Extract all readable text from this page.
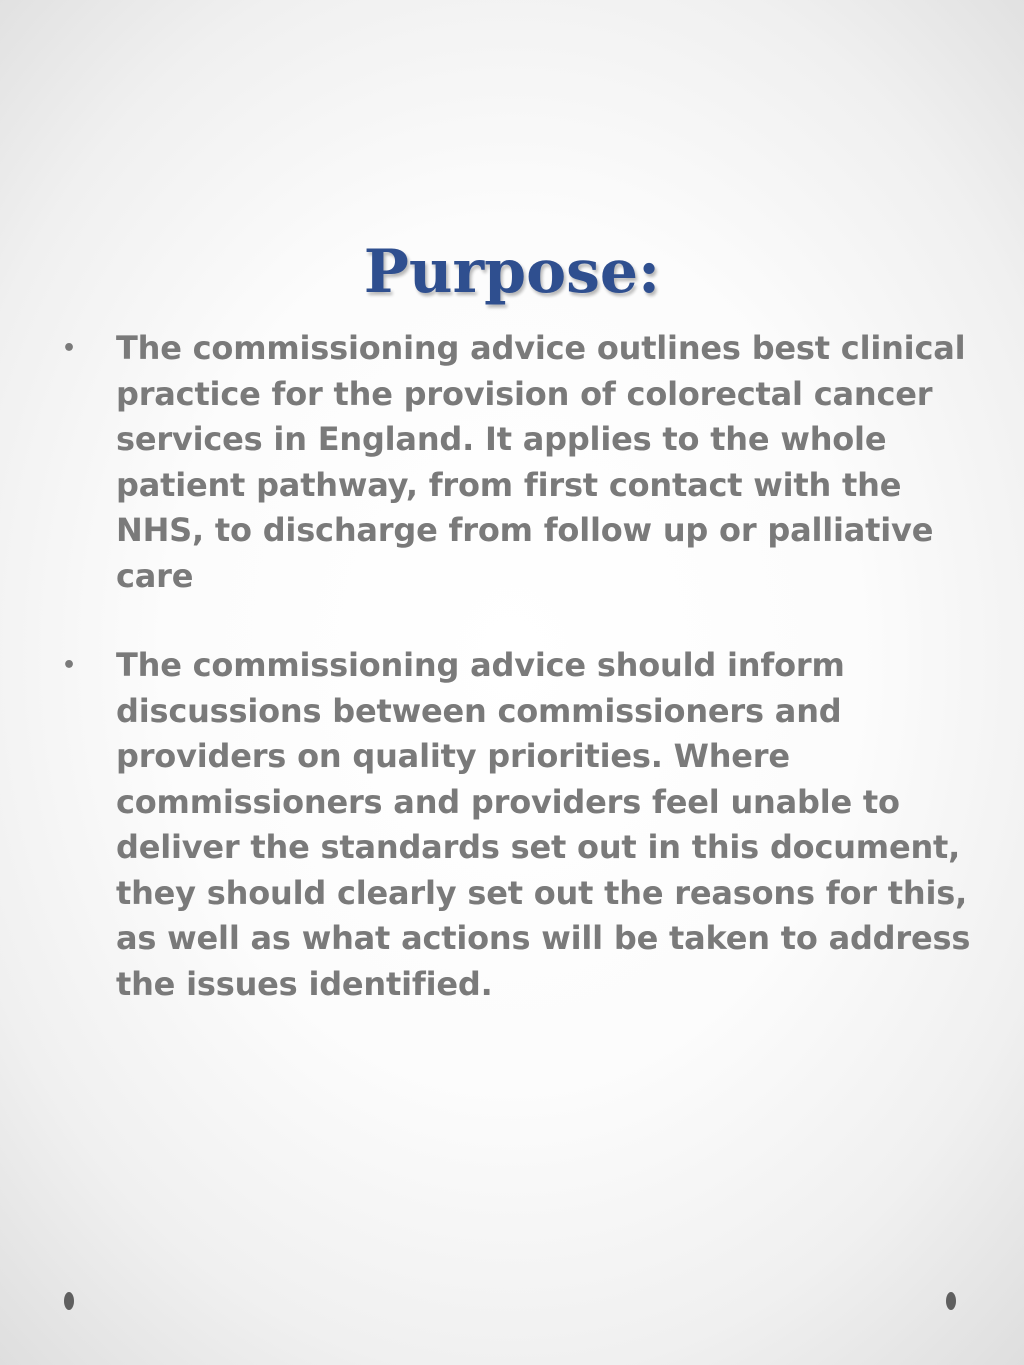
Purpose:
• The commissioning advice outlines best clinical practice for the provision of colorectal cancer services in England. It applies to the whole patient pathway, from first contact with the NHS, to discharge from follow up or palliative care
• The commissioning advice should inform discussions between commissioners and providers on quality priorities. Where commissioners and providers feel unable to deliver the standards set out in this document, they should clearly set out the reasons for this, as well as what actions will be taken to address the issues identified.
